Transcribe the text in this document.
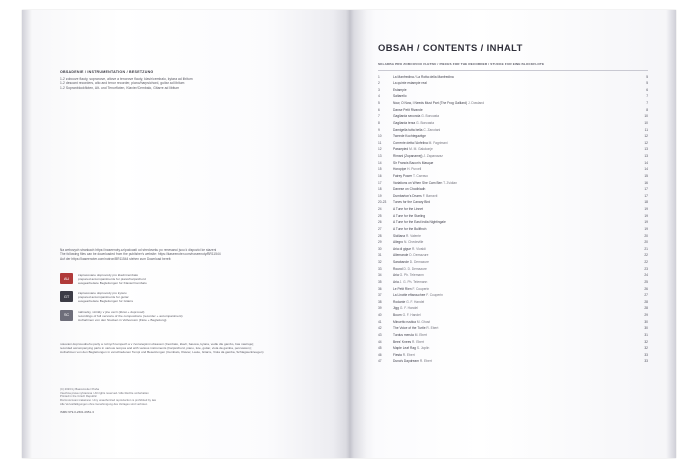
OBSADENIE / INSTRUMENTATION / BESETZUNG
1-2 zobcove flauty, sopranove, altove a tenorove flauty, klavir/cembalo, kytara ad libitum
1-2 descant recorders, alto and tenor recorder, piano/harpsichord, guitar ad libitum
1-2 Sopranblockfloten, Alt- und Tenorfloten, Klavier/Cembalo, Gitarre ad libitum
Na webovych strankach https://naseenoty.cz/podcasti od stredoveku po renesanci jsou k dispozici ke stazeni
The following files can be downloaded from the publisher's website: https://kaseenoter.com/noseenoty/BR11544
Auf der https://kaseenoter.com/notron/BR11544 stehen zum Download bereit:
AU
zapracovane doprovody pro klavir/cembalo
prepared accompaniments for piano/harpsichord
ausgearbeitete Begleitungen fur Klavier/Cembalo
GT
zapracovane doprovody pro kytaru
prepared accompaniments for guitar
ausgearbeitete Begleitungen fur Gitarre
SC
nahravky, vznikly v jine verzi (2krat + doprovod)
recordings of full versions of the compositions (recorder + accompaniment)
Aufnahmen von den Stucken in Vollversion (Flote + Begleitung)
notovani doprovodnehu party a ruznych tempech a v zvoranejsimi obsaveni (Cembalo, klavir, basova, kytara, vedle dle gambo, bas nastroje);
recorded accompanying parts in various tempos and with various instruments (harpsichord, piano, lute, guitar, viola da gamba, percussion);
Aufnahmen von den Begleitungen in verschiedenen Tempi und Besetzungen (Cembalo, Klavier, Laute, Gitarre, Viola da gamba, Schlagwerkzeugen)
(C) 2023 by Baerenreiter Praha
Vsechna prava vyhrazena / All rights reserved / Alle Rechte vorbehalten
Printed in the Czech Republic
Rozmnozovani zakazano / Any unauthorized reproduction is prohibited by law
Alle Vervielfaltigungen ohne Genehmigung des Verlages sind verboten
ISMN 979-0-2601-0951-3
OBSAH / CONTENTS / INHALT
SKLADBA PRO ZOBCOVOU FLETNU / PIECES FOR THE RECORDER / STUCKE FUR EINE BLOCKFLOTE
1	La Manfredina / La Rotta della Manfredina	5
2	La quinte estampie real	5
3	Estampie	6
4	Saltarello	7
5	Now, O Now, I Needs Must Part (The Frog Galliard) J. Dowland	7
6	Danse Petit Rivande	8
7	Gagliarda seconda G. Boncasta	10
8	Gagliarda terza G. Boncasta	10
9	Damigella tutta bella C. Zanotani	11
10	Tweede Kochtegavitge	12
11	Corrente detta l'Anfelina M. Fagrimani	12
12	Passepied M. M. Galukonje	13
13	Rimani (Zupanamej) J. Zapanavaz	13
14	Sir Francis Bacon's Masque	14
15	Horopipe H. Purcell	14
16	Fairey Power T. Carravo	15
17	Variations on When She Cam Ben T. Zvidian	16
18	Danese on Chodhladh	17
19	Dumbarton's Drums F. Barravti	17
20-23	Tunes for the Canary Bird	18
24	A Tune for the Linnet	19
25	A Tune for the Starling	19
26	A Tune for the East India Nightingale	19
27	A Tune for the Bullfinch	19
28	Siciliana R. Valente	20
29	Allegro N. Chedeville	20
30	Aria di gigue R. Vivaldi	21
31	Allemande D. Demazure	22
32	Sarabande D. Demazure	22
33	Round D. D. Demazure	23
34	Aria G. Ph. Telemann	24
35	Aria J. G. Ph. Telemann	25
36	Le Petit Rien F. Couperin	26
37	La Linotte eftarouchee F. Couperin	27
38	Rodante G. F. Handel	28
39	Jigg G. F. Handel	28
40	Bourn G. F. Handel	29
41	Minuetto rustica M. Ghost	30
42	The Voice of the Turtle R. Ebert	30
43	Turdus merula M. Ebert	31
44	Bees' Knees R. Ebert	32
45	Maple Leaf Rag S. Joplin	32
46	Fiesta R. Ebert	33
47	Duna's Daydream R. Ebert	33
